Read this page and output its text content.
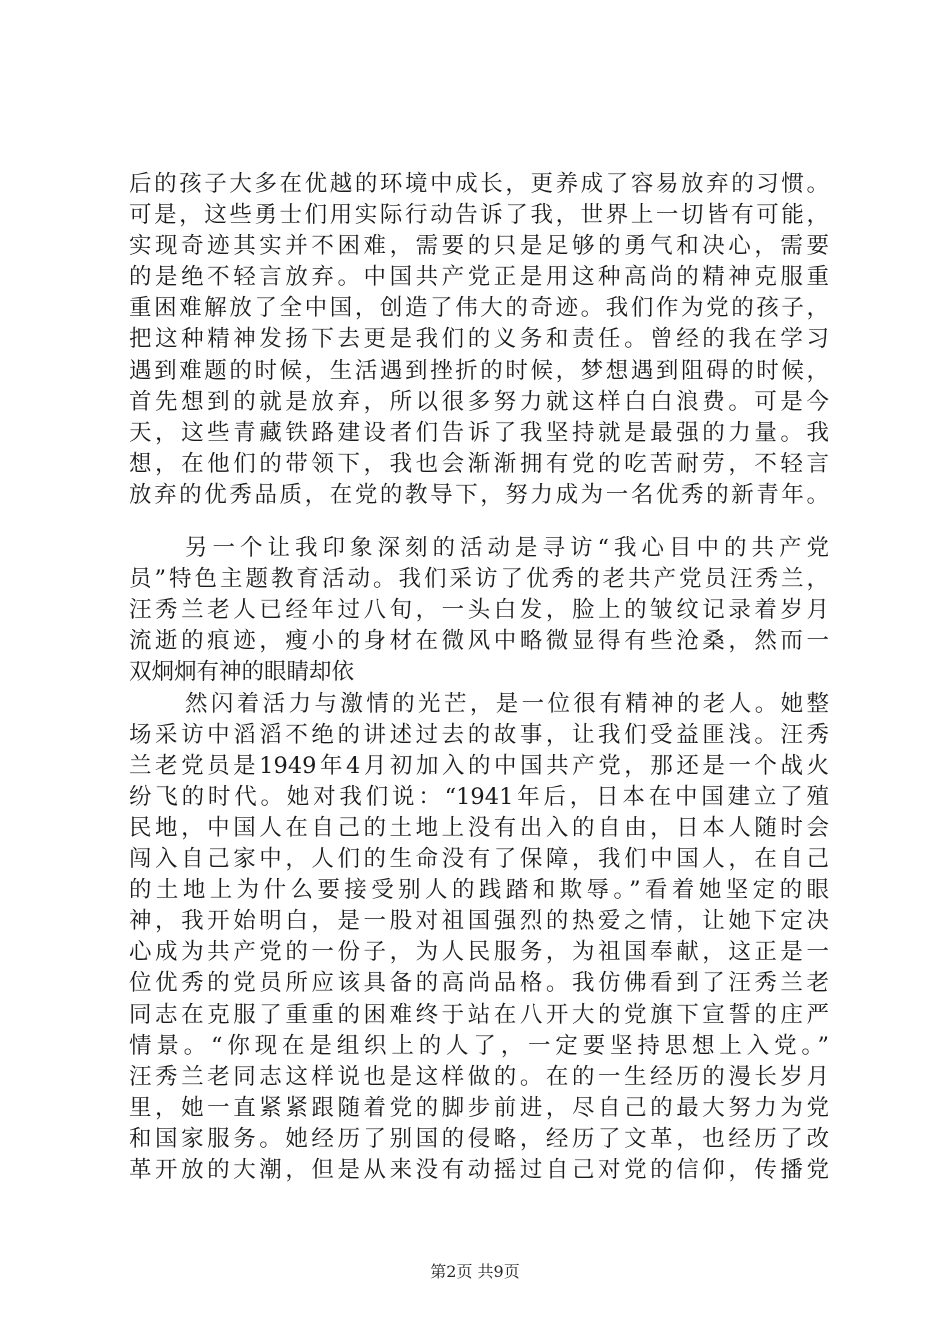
后的孩子大多在优越的环境中成长，更养成了容易放弃的习惯。
可是，这些勇士们用实际行动告诉了我，世界上一切皆有可能，
实现奇迹其实并不困难，需要的只是足够的勇气和决心，需要
的是绝不轻言放弃。中国共产党正是用这种高尚的精神克服重
重困难解放了全中国，创造了伟大的奇迹。我们作为党的孩子，
把这种精神发扬下去更是我们的义务和责任。曾经的我在学习
遇到难题的时候，生活遇到挫折的时候，梦想遇到阻碍的时候，
首先想到的就是放弃，所以很多努力就这样白白浪费。可是今
天，这些青藏铁路建设者们告诉了我坚持就是最强的力量。我
想，在他们的带领下，我也会渐渐拥有党的吃苦耐劳，不轻言
放弃的优秀品质，在党的教导下，努力成为一名优秀的新青年。
另一个让我印象深刻的活动是寻访“我心目中的共产党
员”特色主题教育活动。我们采访了优秀的老共产党员汪秀兰，
汪秀兰老人已经年过八旬，一头白发，脸上的皱纹记录着岁月
流逝的痕迹，瘦小的身材在微风中略微显得有些沧桑，然而一
双炯炯有神的眼睛却依
然闪着活力与激情的光芒，是一位很有精神的老人。她整
场采访中滔滔不绝的讲述过去的故事，让我们受益匪浅。汪秀
兰老党员是1949年4月初加入的中国共产党，那还是一个战火
纷飞的时代。她对我们说：“1941年后，日本在中国建立了殖
民地，中国人在自己的土地上没有出入的自由，日本人随时会
闯入自己家中，人们的生命没有了保障，我们中国人，在自己
的土地上为什么要接受别人的践踏和欺辱。”看着她坚定的眼
神，我开始明白，是一股对祖国强烈的热爱之情，让她下定决
心成为共产党的一份子，为人民服务，为祖国奉献，这正是一
位优秀的党员所应该具备的高尚品格。我仿佛看到了汪秀兰老
同志在克服了重重的困难终于站在八开大的党旗下宣誓的庄严
情景。“你现在是组织上的人了，一定要坚持思想上入党。”
汪秀兰老同志这样说也是这样做的。在的一生经历的漫长岁月
里，她一直紧紧跟随着党的脚步前进，尽自己的最大努力为党
和国家服务。她经历了别国的侵略，经历了文革，也经历了改
革开放的大潮，但是从来没有动摇过自己对党的信仰，传播党
第2页 共9页
